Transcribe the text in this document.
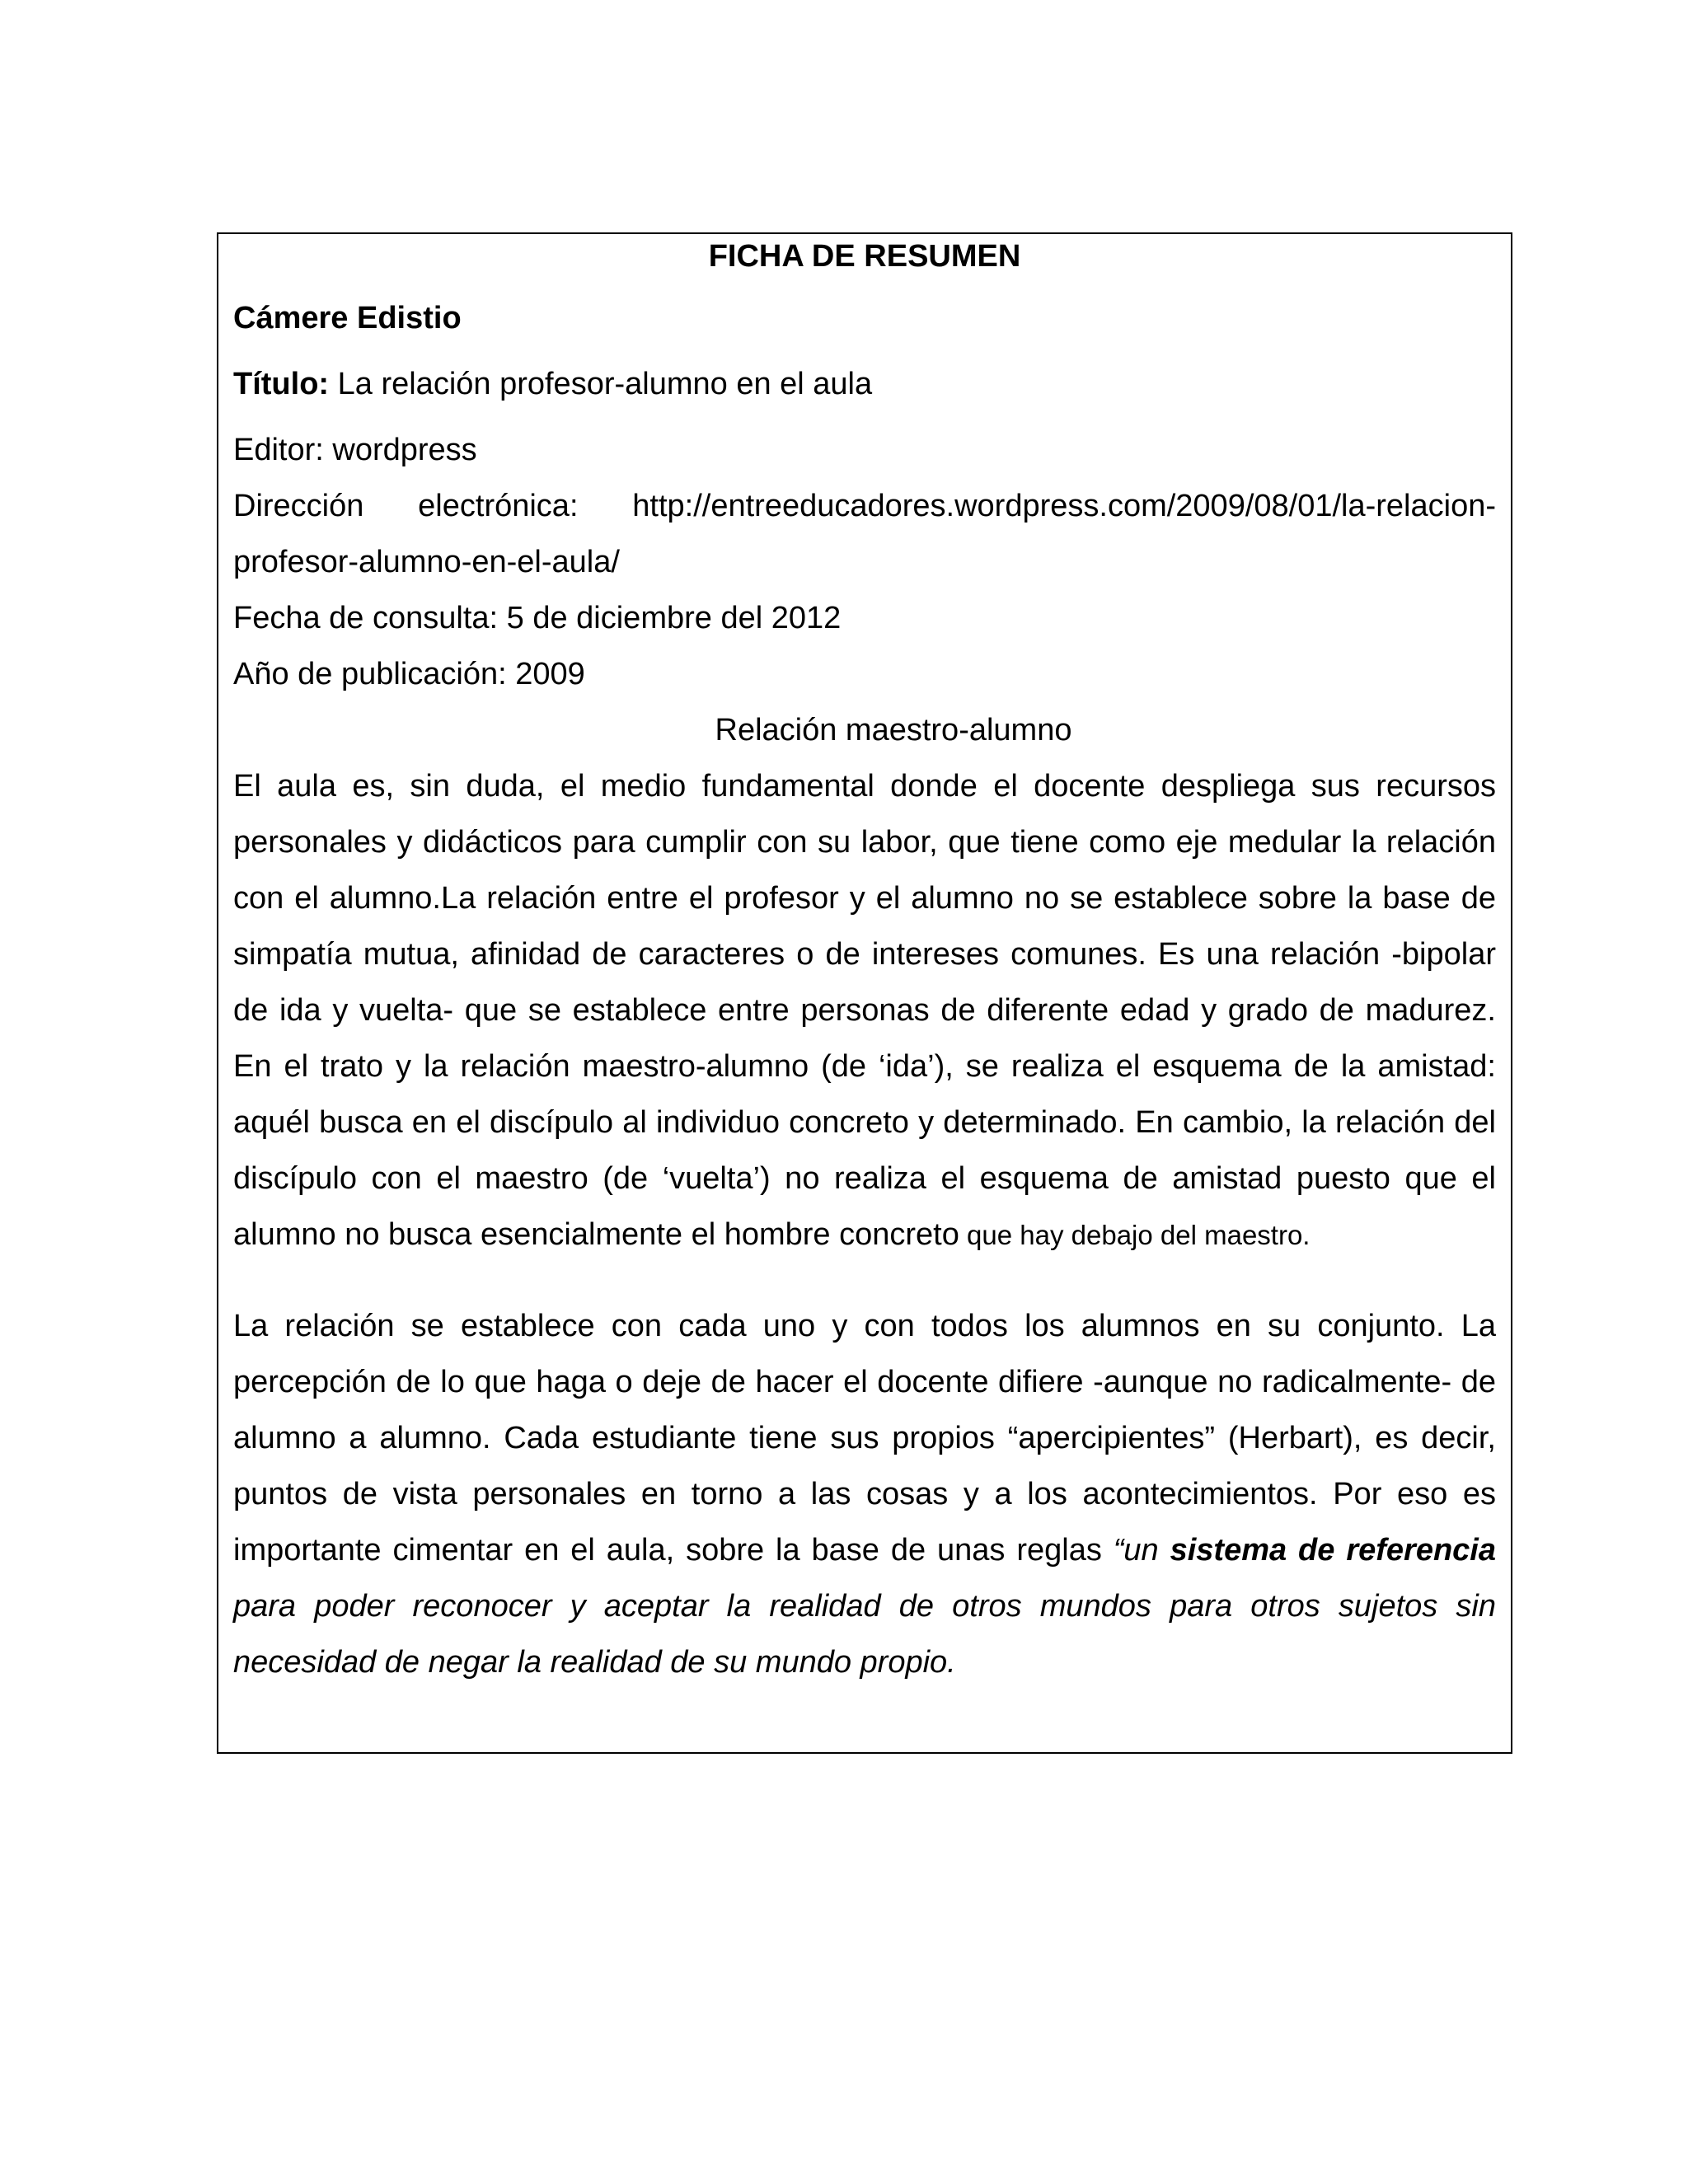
FICHA DE RESUMEN
Cámere Edistio
Título: La relación profesor-alumno en el aula
Editor: wordpress
Dirección electrónica: http://entreeducadores.wordpress.com/2009/08/01/la-relacion-
profesor-alumno-en-el-aula/
Fecha de consulta: 5 de diciembre del 2012
Año de publicación: 2009
Relación maestro-alumno

El aula es, sin duda, el medio fundamental donde el docente despliega sus recursos personales y didácticos para cumplir con su labor, que tiene como eje medular la relación con el alumno.La relación entre el profesor y el alumno no se establece sobre la base de simpatía mutua, afinidad de caracteres o de intereses comunes. Es una relación -bipolar de ida y vuelta- que se establece entre personas de diferente edad y grado de madurez. En el trato y la relación maestro-alumno (de ‘ida’), se realiza el esquema de la amistad: aquél busca en el discípulo al individuo concreto y determinado. En cambio, la relación del discípulo con el maestro (de ‘vuelta’) no realiza el esquema de amistad puesto que el alumno no busca esencialmente el hombre concreto que hay debajo del maestro.

La relación se establece con cada uno y con todos los alumnos en su conjunto. La percepción de lo que haga o deje de hacer el docente difiere -aunque no radicalmente- de alumno a alumno. Cada estudiante tiene sus propios “apercipientes” (Herbart), es decir, puntos de vista personales en torno a las cosas y a los acontecimientos. Por eso es importante cimentar en el aula, sobre la base de unas reglas “un sistema de referencia para poder reconocer y aceptar la realidad de otros mundos para otros sujetos sin necesidad de negar la realidad de su mundo propio.
